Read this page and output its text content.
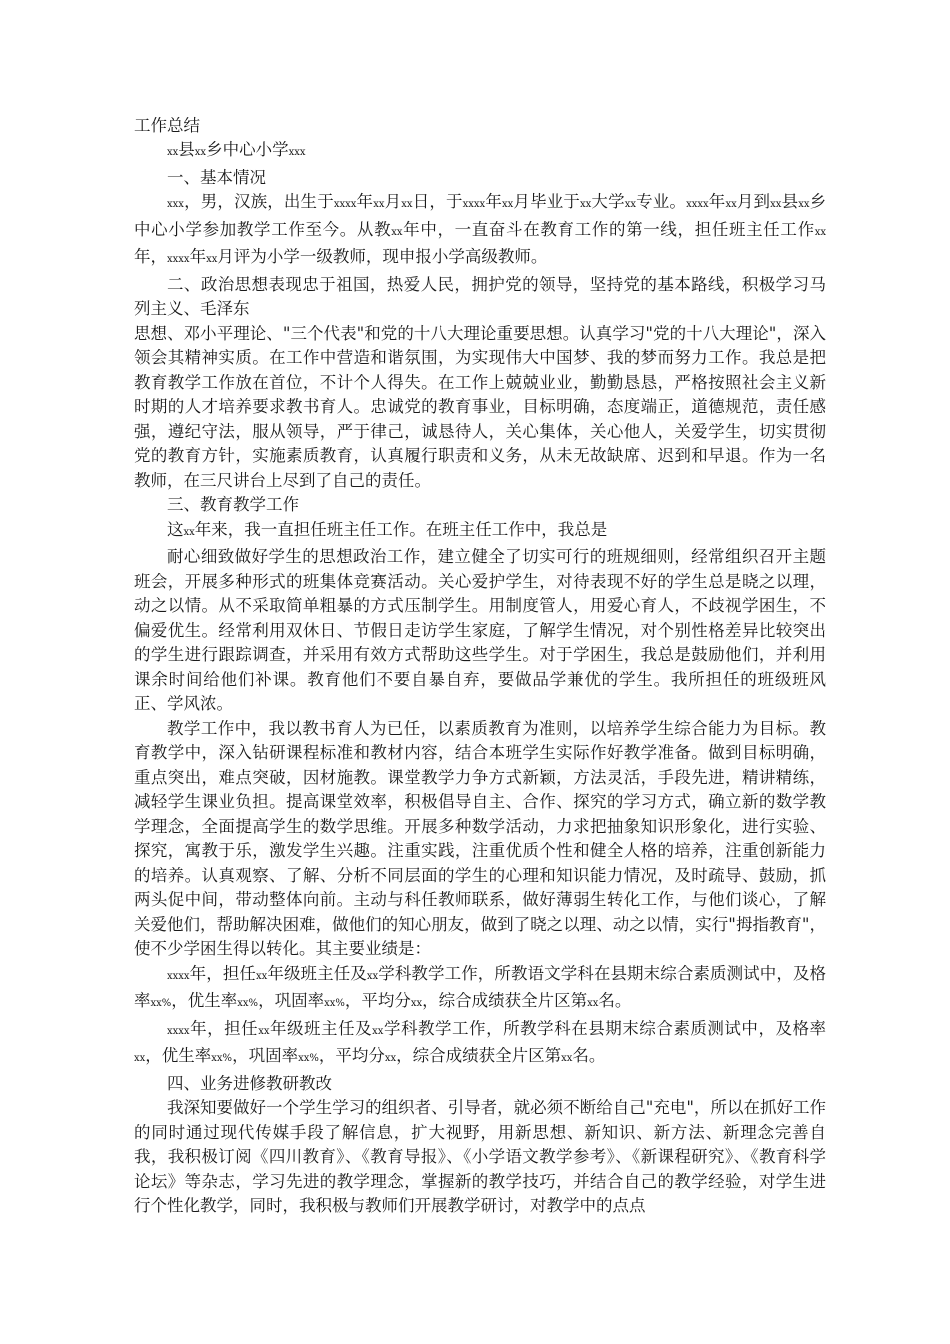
工作总结

xx县xx乡中心小学xxx

一、基本情况

xxx，男，汉族，出生于xxxx年xx月xx日，于xxxx年xx月毕业于xx大学xx专业。xxxx年xx月到xx县xx乡中心小学参加教学工作至今。从教xx年中，一直奋斗在教育工作的第一线，担任班主任工作xx年，xxxx年xx月评为小学一级教师，现申报小学高级教师。

二、政治思想表现忠于祖国，热爱人民，拥护党的领导，坚持党的基本路线，积极学习马列主义、毛泽东

思想、邓小平理论、"三个代表"和党的十八大理论重要思想。认真学习"党的十八大理论"，深入领会其精神实质。在工作中营造和谐氛围，为实现伟大中国梦、我的梦而努力工作。我总是把教育教学工作放在首位，不计个人得失。在工作上兢兢业业，勤勤恳恳，严格按照社会主义新时期的人才培养要求教书育人。忠诚党的教育事业，目标明确，态度端正，道德规范，责任感强，遵纪守法，服从领导，严于律己，诚恳待人，关心集体，关心他人，关爱学生，切实贯彻党的教育方针，实施素质教育，认真履行职责和义务，从未无故缺席、迟到和早退。作为一名教师，在三尺讲台上尽到了自己的责任。

三、教育教学工作

这xx年来，我一直担任班主任工作。在班主任工作中，我总是

耐心细致做好学生的思想政治工作，建立健全了切实可行的班规细则，经常组织召开主题班会，开展多种形式的班集体竞赛活动。关心爱护学生，对待表现不好的学生总是晓之以理，动之以情。从不采取简单粗暴的方式压制学生。用制度管人，用爱心育人，不歧视学困生，不偏爱优生。经常利用双休日、节假日走访学生家庭，了解学生情况，对个别性格差异比较突出的学生进行跟踪调查，并采用有效方式帮助这些学生。对于学困生，我总是鼓励他们，并利用课余时间给他们补课。教育他们不要自暴自弃，要做品学兼优的学生。我所担任的班级班风正、学风浓。

教学工作中，我以教书育人为已任，以素质教育为准则，以培养学生综合能力为目标。教育教学中，深入钻研课程标准和教材内容，结合本班学生实际作好教学准备。做到目标明确，重点突出，难点突破，因材施教。课堂教学力争方式新颖，方法灵活，手段先进，精讲精练，减轻学生课业负担。提高课堂效率，积极倡导自主、合作、探究的学习方式，确立新的数学教学理念，全面提高学生的数学思维。开展多种数学活动，力求把抽象知识形象化，进行实验、探究，寓教于乐，激发学生兴趣。注重实践，注重优质个性和健全人格的培养，注重创新能力的培养。认真观察、了解、分析不同层面的学生的心理和知识能力情况，及时疏导、鼓励，抓两头促中间，带动整体向前。主动与科任教师联系，做好薄弱生转化工作，与他们谈心，了解关爱他们，帮助解决困难，做他们的知心朋友，做到了晓之以理、动之以情，实行"拇指教育"，使不少学困生得以转化。其主要业绩是：

xxxx年，担任xx年级班主任及xx学科教学工作，所教语文学科在县期末综合素质测试中，及格率xx%，优生率xx%，巩固率xx%，平均分xx，综合成绩获全片区第xx名。

xxxx年，担任xx年级班主任及xx学科教学工作，所教学科在县期末综合素质测试中，及格率xx，优生率xx%，巩固率xx%，平均分xx，综合成绩获全片区第xx名。

四、业务进修教研教改

我深知要做好一个学生学习的组织者、引导者，就必须不断给自己"充电"，所以在抓好工作的同时通过现代传媒手段了解信息，扩大视野，用新思想、新知识、新方法、新理念完善自我，我积极订阅《四川教育》、《教育导报》、《小学语文教学参考》、《新课程研究》、《教育科学论坛》等杂志，学习先进的教学理念，掌握新的教学技巧，并结合自己的教学经验，对学生进行个性化教学，同时，我积极与教师们开展教学研讨，对教学中的点点
